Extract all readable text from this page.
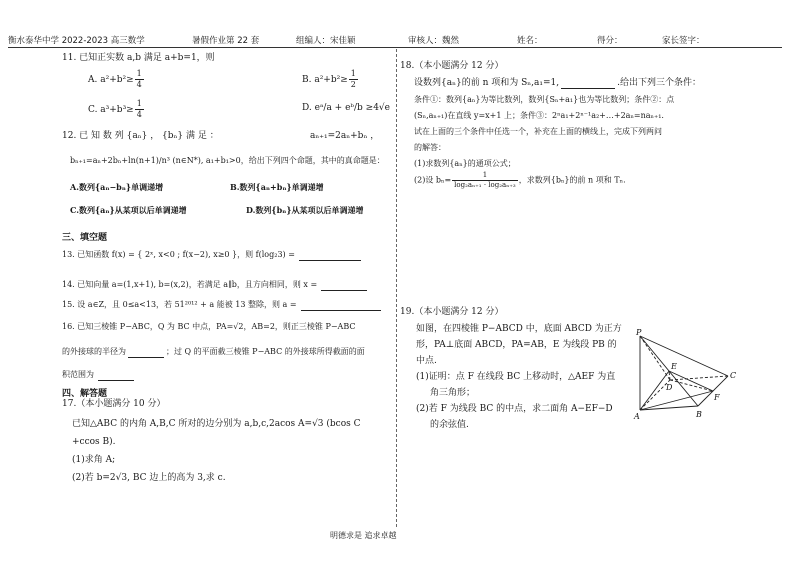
衡水泰华中学 2022-2023 高三数学	暑假作业第 22 套	组编人：宋佳颖	审核人：魏然	姓名：	得分：	家长签字：
11. 已知正实数 a,b 满足 a+b=1，则
A. $a^2+b^2\ge \frac{1}{4}$	B. $a^2+b^2\ge \frac{1}{2}$
C. $a^3+b^3\ge \frac{1}{4}$	D. eᵃ/a + eᵇ/b ≥4√e
12. 已 知 数 列 {aₙ} ， {bₙ} 满 足 ：	aₙ₊₁=2aₙ+bₙ ，
bₙ₊₁=aₙ+2bₙ+ln(n+1)/n³ (n∈N*), a₁+b₁>0，给出下列四个命题，其中的真命题是：
A.数列{aₙ−bₙ}单调递增	B.数列{aₙ+bₙ}单调递增
C.数列{aₙ}从某项以后单调递增	D.数列{bₙ}从某项以后单调递增
三、填空题
13. 已知函数 f(x) = { 2ˣ, x<0 ; f(x−2), x≥0 }，则 f(log₂3) =
14. 已知向量 a=(1,x+1), b=(x,2)，若满足 a∥b，且方向相同，则 x =
15. 设 a∈Z，且 0≤a<13，若 51²⁰¹² + a 能被 13 整除，则 a =
16. 已知三棱锥 P−ABC，Q 为 BC 中点，PA=√2，AB=2，则正三棱锥 P−ABC
的外接球的半径为	；过 Q 的平面截三棱锥 P−ABC 的外接球所得截面的面
积范围为
四、解答题
17.（本小题满分 10 分）
已知△ABC 的内角 A,B,C 所对的边分别为 a,b,c,2acos A=√3 (bcos C
+ccos B).
(1)求角 A;
(2)若 b=2√3, BC 边上的高为 3,求 c.
18.（本小题满分 12 分）
设数列{aₙ}的前 n 项和为 Sₙ,a₁=1,	.给出下列三个条件：
条件①：数列{aₙ}为等比数列，数列{Sₙ+a₁}也为等比数列；条件②：点
(Sₙ,aₙ₊₁)在直线 y=x+1 上；条件③：2ⁿa₁+2ⁿ⁻¹a₂+…+2aₙ=naₙ₊₁.
试在上面的三个条件中任选一个，补充在上面的横线上，完成下列两问
的解答：
(1)求数列{aₙ}的通项公式；
(2)设 $b_n= \frac{1}{\text{log₂aₙ₊₁ · log₂aₙ₊₃}}$ ，求数列{bₙ}的前 n 项和 Tₙ.
19.（本小题满分 12 分）
如图，在四棱锥 P−ABCD 中，底面 ABCD 为正方
形，PA⊥底面 ABCD，PA=AB，E 为线段 PB 的
中点.
(1)证明：点 F 在线段 BC 上移动时，△AEF 为直
角三角形；
(2)若 F 为线段 BC 的中点，求二面角 A−EF−D
的余弦值.
P
A	B
C
D
E
F
明德求是 追求卓越
